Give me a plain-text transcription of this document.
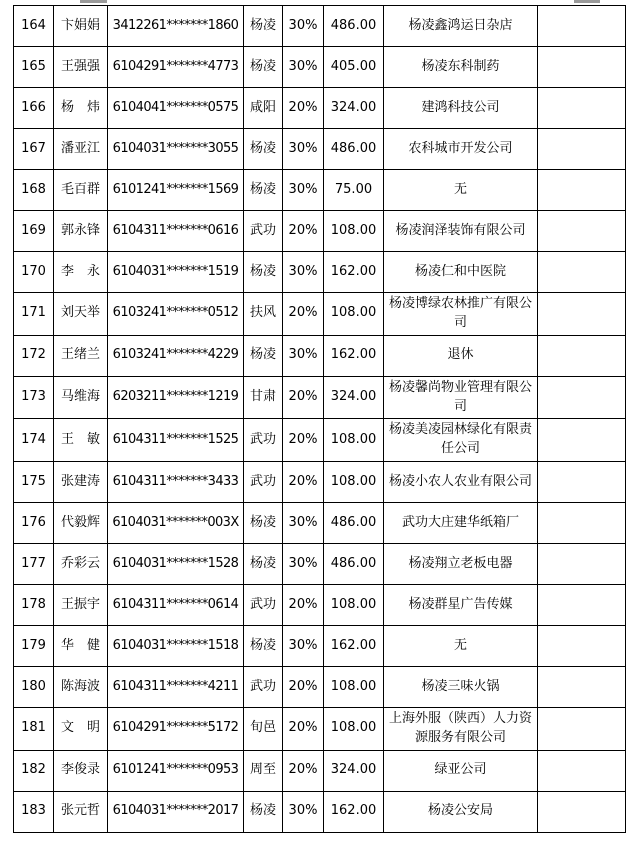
164	卞娟娟	3412261*******1860	杨凌	30%	486.00	杨凌鑫鸿运日杂店	
165	王强强	6104291*******4773	杨凌	30%	405.00	杨凌东科制药	
166	杨　炜	6104041*******0575	咸阳	20%	324.00	建鸿科技公司	
167	潘亚江	6104031*******3055	杨凌	30%	486.00	农科城市开发公司	
168	毛百群	6101241*******1569	杨凌	30%	75.00	无	
169	郭永锋	6104311*******0616	武功	20%	108.00	杨凌润泽装饰有限公司	
170	李　永	6104031*******1519	杨凌	30%	162.00	杨凌仁和中医院	
171	刘天举	6103241*******0512	扶风	20%	108.00	杨凌博绿农林推广有限公司	
172	王绪兰	6103241*******4229	杨凌	30%	162.00	退休	
173	马维海	6203211*******1219	甘肃	20%	324.00	杨凌馨尚物业管理有限公司	
174	王　敏	6104311*******1525	武功	20%	108.00	杨凌美凌园林绿化有限责任公司	
175	张建涛	6104311*******3433	武功	20%	108.00	杨凌小农人农业有限公司	
176	代毅辉	6104031*******003X	杨凌	30%	486.00	武功大庄建华纸箱厂	
177	乔彩云	6104031*******1528	杨凌	30%	486.00	杨凌翔立老板电器	
178	王振宇	6104311*******0614	武功	20%	108.00	杨凌群星广告传媒	
179	华　健	6104031*******1518	杨凌	30%	162.00	无	
180	陈海波	6104311*******4211	武功	20%	108.00	杨凌三味火锅	
181	文　明	6104291*******5172	旬邑	20%	108.00	上海外服（陕西）人力资源服务有限公司	
182	李俊录	6101241*******0953	周至	20%	324.00	绿亚公司	
183	张元哲	6104031*******2017	杨凌	30%	162.00	杨凌公安局	
